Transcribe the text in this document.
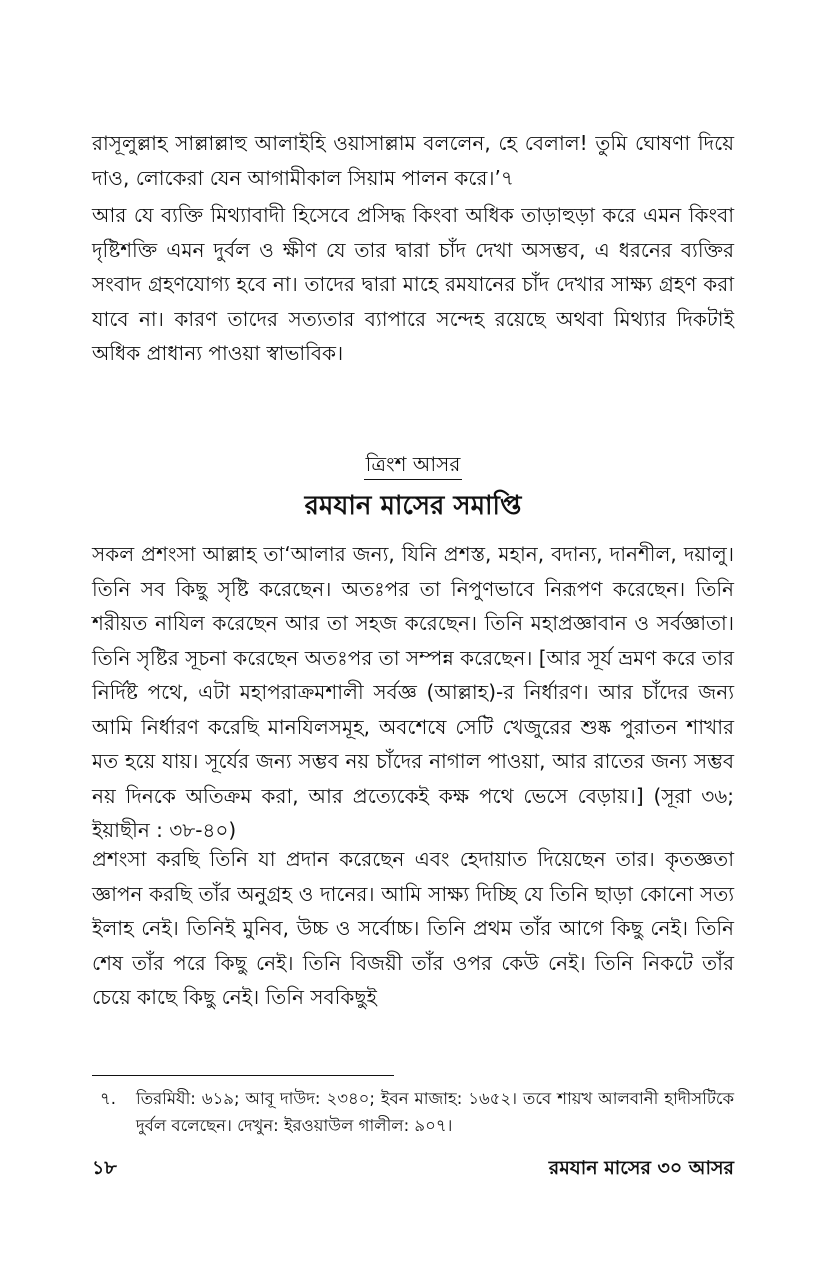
রাসূলুল্লাহ সাল্লাল্লাহু আলাইহি ওয়াসাল্লাম বললেন, হে বেলাল! তুমি ঘোষণা দিয়ে দাও, লোকেরা যেন আগামীকাল সিয়াম পালন করে।’৭

আর যে ব্যক্তি মিথ্যাবাদী হিসেবে প্রসিদ্ধ কিংবা অধিক তাড়াহুড়া করে এমন কিংবা দৃষ্টিশক্তি এমন দুর্বল ও ক্ষীণ যে তার দ্বারা চাঁদ দেখা অসম্ভব, এ ধরনের ব্যক্তির সংবাদ গ্রহণযোগ্য হবে না। তাদের দ্বারা মাহে রমযানের চাঁদ দেখার সাক্ষ্য গ্রহণ করা যাবে না। কারণ তাদের সত্যতার ব্যাপারে সন্দেহ রয়েছে অথবা মিথ্যার দিকটাই অধিক প্রাধান্য পাওয়া স্বাভাবিক।

ত্রিংশ আসর
রমযান মাসের সমাপ্তি

সকল প্রশংসা আল্লাহ তা‘আলার জন্য, যিনি প্রশস্ত, মহান, বদান্য, দানশীল, দয়ালু। তিনি সব কিছু সৃষ্টি করেছেন। অতঃপর তা নিপুণভাবে নিরূপণ করেছেন। তিনি শরীয়ত নাযিল করেছেন আর তা সহজ করেছেন। তিনি মহাপ্রজ্ঞাবান ও সর্বজ্ঞাতা। তিনি সৃষ্টির সূচনা করেছেন অতঃপর তা সম্পন্ন করেছেন। [আর সূর্য ভ্রমণ করে তার নির্দিষ্ট পথে, এটা মহাপরাক্রমশালী সর্বজ্ঞ (আল্লাহ)-র নির্ধারণ। আর চাঁদের জন্য আমি নির্ধারণ করেছি মানযিলসমূহ, অবশেষে সেটি খেজুরের শুষ্ক পুরাতন শাখার মত হয়ে যায়। সূর্যের জন্য সম্ভব নয় চাঁদের নাগাল পাওয়া, আর রাতের জন্য সম্ভব নয় দিনকে অতিক্রম করা, আর প্রত্যেকেই কক্ষ পথে ভেসে বেড়ায়।] (সূরা ৩৬; ইয়াছীন : ৩৮-৪০)

প্রশংসা করছি তিনি যা প্রদান করেছেন এবং হেদায়াত দিয়েছেন তার। কৃতজ্ঞতা জ্ঞাপন করছি তাঁর অনুগ্রহ ও দানের। আমি সাক্ষ্য দিচ্ছি যে তিনি ছাড়া কোনো সত্য ইলাহ নেই। তিনিই মুনিব, উচ্চ ও সর্বোচ্চ। তিনি প্রথম তাঁর আগে কিছু নেই। তিনি শেষ তাঁর পরে কিছু নেই। তিনি বিজয়ী তাঁর ওপর কেউ নেই। তিনি নিকটে তাঁর চেয়ে কাছে কিছু নেই। তিনি সবকিছুই

৭. তিরমিযী: ৬১৯; আবূ দাউদ: ২৩৪০; ইবন মাজাহ: ১৬৫২। তবে শায়খ আলবানী হাদীসটিকে দুর্বল বলেছেন। দেখুন: ইরওয়াউল গালীল: ৯০৭।
১৮	রমযান মাসের ৩০ আসর
